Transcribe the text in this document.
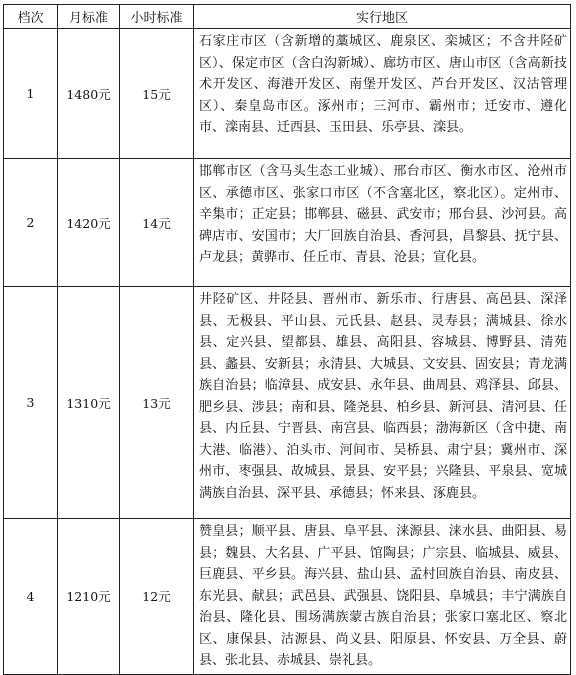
档次	月标准	小时标准	实行地区
1	1480元	15元	石家庄市区（含新增的藁城区、鹿泉区、栾城区；不含井陉矿区）、保定市区（含白沟新城）、廊坊市区、唐山市区（含高新技术开发区、海港开发区、南堡开发区、芦台开发区、汉沽管理区）、秦皇岛市区。涿州市；三河市、霸州市；迁安市、遵化市、滦南县、迁西县、玉田县、乐亭县、滦县。
2	1420元	14元	邯郸市区（含马头生态工业城）、邢台市区、衡水市区、沧州市区、承德市区、张家口市区（不含塞北区，察北区）。定州市、辛集市；正定县；邯郸县、磁县、武安市；邢台县、沙河县。高碑店市、安国市；大厂回族自治县、香河县，昌黎县、抚宁县、卢龙县；黄骅市、任丘市、青县、沧县；宣化县。
3	1310元	13元	井陉矿区、井陉县、晋州市、新乐市、行唐县、高邑县、深泽县、无极县、平山县、元氏县、赵县、灵寿县；满城县、徐水县、定兴县、望都县、雄县、高阳县、容城县、博野县、清苑县、蠡县、安新县；永清县、大城县、文安县、固安县；青龙满族自治县；临漳县、成安县、永年县、曲周县、鸡泽县、邱县、肥乡县、涉县；南和县、隆尧县、柏乡县、新河县、清河县、任县、内丘县、宁晋县、南宫县、临西县；渤海新区（含中捷、南大港、临港）、泊头市、河间市、吴桥县、肃宁县；冀州市、深州市、枣强县、故城县、景县、安平县；兴隆县、平泉县、宽城满族自治县、深平县、承德县；怀来县、涿鹿县。
4	1210元	12元	赞皇县；顺平县、唐县、阜平县、涞源县、涞水县、曲阳县、易县；魏县、大名县、广平县、馆陶县；广宗县、临城县、威县、巨鹿县、平乡县。海兴县、盐山县、孟村回族自治县、南皮县、东光县、献县；武邑县、武强县、饶阳县、阜城县；丰宁满族自治县、隆化县、围场满族蒙古族自治县；张家口塞北区、察北区、康保县、沽源县、尚义县、阳原县、怀安县、万全县、蔚县、张北县、赤城县、崇礼县。
